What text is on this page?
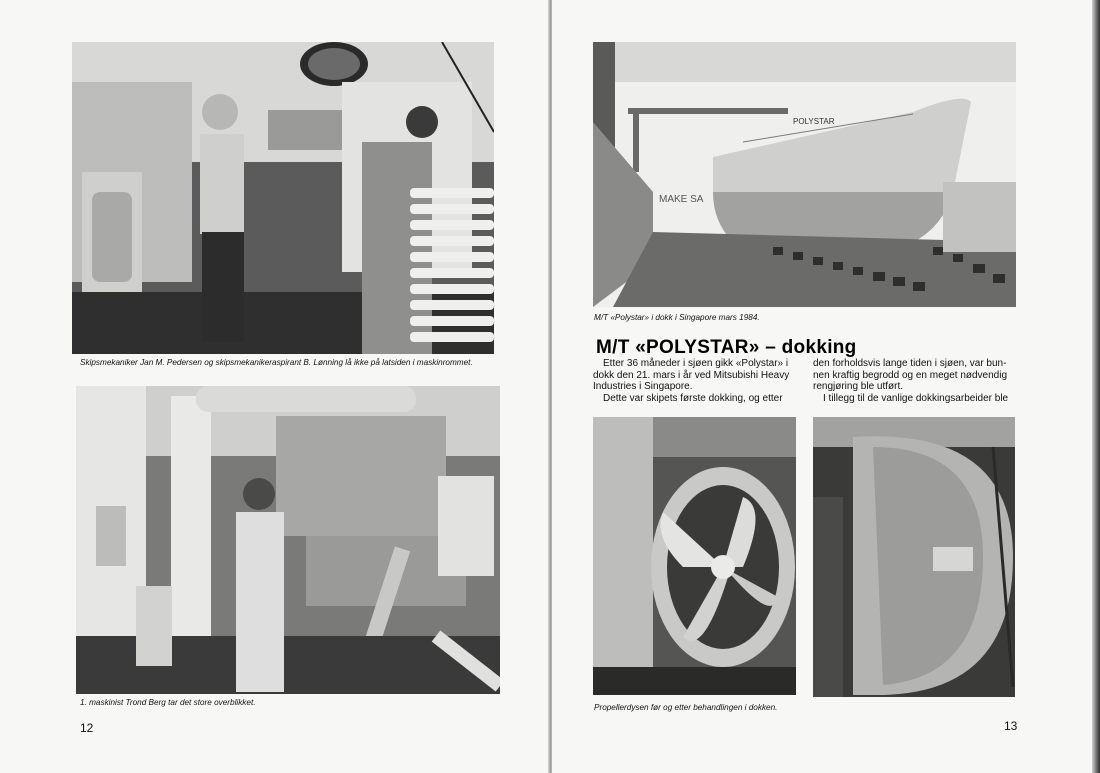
Skipsmekaniker Jan M. Pedersen og skipsmekanikeraspirant B. Lønning lå ikke på latsiden i maskinrommet.
1. maskinist Trond Berg tar det store overblikket.
12
POLYSTAR
MAKE SA
M/T «Polystar» i dokk i Singapore mars 1984.
M/T «POLYSTAR» – dokking
Etter 36 måneder i sjøen gikk «Polystar» i
dokk den 21. mars i år ved Mitsubishi Heavy
Industries i Singapore.
Dette var skipets første dokking, og etter
den forholdsvis lange tiden i sjøen, var bun-
nen kraftig begrodd og en meget nødvendig
rengjøring ble utført.
I tillegg til de vanlige dokkingsarbeider ble
Propellerdysen før og etter behandlingen i dokken.
13
